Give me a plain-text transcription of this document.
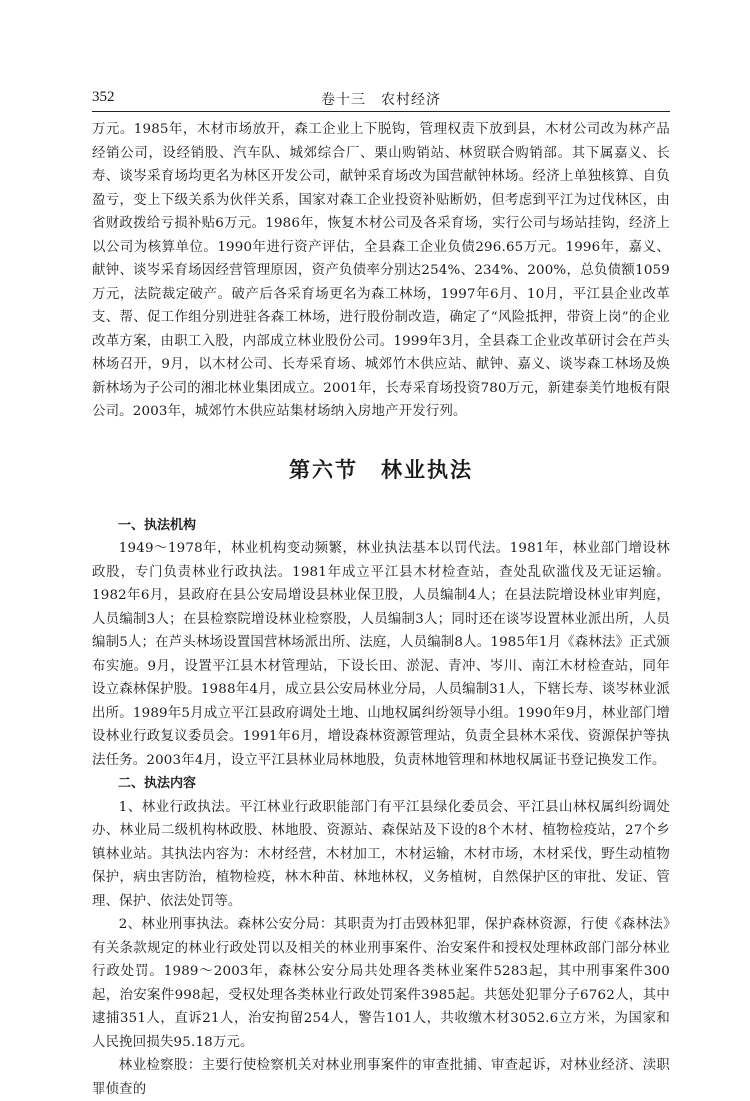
352	卷十三　农村经济

万元。1985年，木材市场放开，森工企业上下脱钩，管理权责下放到县，木材公司改为林产品经销公司，设经销股、汽车队、城郊综合厂、栗山购销站、林贸联合购销部。其下属嘉义、长寿、谈岑采育场均更名为林区开发公司，献钟采育场改为国营献钟林场。经济上单独核算、自负盈亏，变上下级关系为伙伴关系，国家对森工企业投资补贴断奶，但考虑到平江为过伐林区，由省财政拨给亏损补贴6万元。1986年，恢复木材公司及各采育场，实行公司与场站挂钩，经济上以公司为核算单位。1990年进行资产评估，全县森工企业负债296.65万元。1996年，嘉义、献钟、谈岑采育场因经营管理原因，资产负债率分别达254%、234%、200%，总负债额1059万元，法院裁定破产。破产后各采育场更名为森工林场，1997年6月、10月，平江县企业改革支、帮、促工作组分别进驻各森工林场，进行股份制改造，确定了“风险抵押，带资上岗”的企业改革方案，由职工入股，内部成立林业股份公司。1999年3月，全县森工企业改革研讨会在芦头林场召开，9月，以木材公司、长寿采育场、城郊竹木供应站、献钟、嘉义、谈岑森工林场及焕新林场为子公司的湘北林业集团成立。2001年，长寿采育场投资780万元，新建泰美竹地板有限公司。2003年，城郊竹木供应站集材场纳入房地产开发行列。

第六节　林业执法
一、执法机构

1949～1978年，林业机构变动频繁，林业执法基本以罚代法。1981年，林业部门增设林政股，专门负责林业行政执法。1981年成立平江县木材检查站，查处乱砍滥伐及无证运输。1982年6月，县政府在县公安局增设县林业保卫股，人员编制4人；在县法院增设林业审判庭，人员编制3人；在县检察院增设林业检察股，人员编制3人；同时还在谈岑设置林业派出所，人员编制5人；在芦头林场设置国营林场派出所、法庭，人员编制8人。1985年1月《森林法》正式颁布实施。9月，设置平江县木材管理站，下设长田、淤泥、青冲、岑川、南江木材检查站，同年设立森林保护股。1988年4月，成立县公安局林业分局，人员编制31人，下辖长寿、谈岑林业派出所。1989年5月成立平江县政府调处土地、山地权属纠纷领导小组。1990年9月，林业部门增设林业行政复议委员会。1991年6月，增设森林资源管理站，负责全县林木采伐、资源保护等执法任务。2003年4月，设立平江县林业局林地股，负责林地管理和林地权属证书登记换发工作。

二、执法内容

1、林业行政执法。平江林业行政职能部门有平江县绿化委员会、平江县山林权属纠纷调处办、林业局二级机构林政股、林地股、资源站、森保站及下设的8个木材、植物检疫站，27个乡镇林业站。其执法内容为：木材经营，木材加工，木材运输，木材市场，木材采伐，野生动植物保护，病虫害防治，植物检疫，林木种苗、林地林权，义务植树，自然保护区的审批、发证、管理、保护、依法处罚等。

2、林业刑事执法。森林公安分局：其职责为打击毁林犯罪，保护森林资源，行使《森林法》有关条款规定的林业行政处罚以及相关的林业刑事案件、治安案件和授权处理林政部门部分林业行政处罚。1989～2003年，森林公安分局共处理各类林业案件5283起，其中刑事案件300起，治安案件998起，受权处理各类林业行政处罚案件3985起。共惩处犯罪分子6762人，其中逮捕351人，直诉21人，治安拘留254人，警告101人，共收缴木材3052.6立方米，为国家和人民挽回损失95.18万元。

林业检察股：主要行使检察机关对林业刑事案件的审查批捕、审查起诉，对林业经济、渎职罪侦查的
